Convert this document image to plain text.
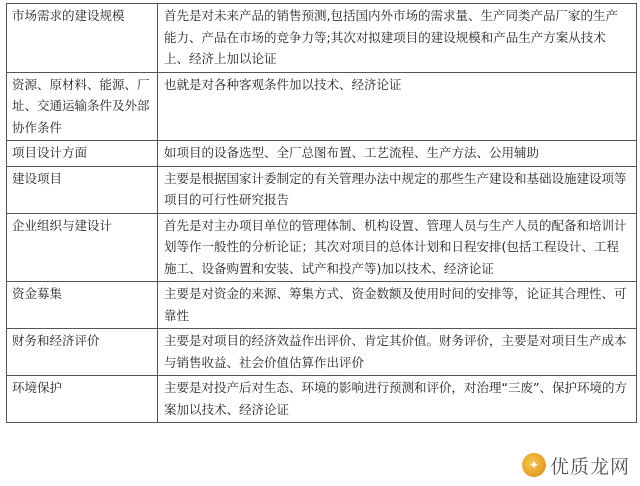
市场需求的建设规模	首先是对未来产品的销售预测,包括国内外市场的需求量、生产同类产品厂家的生产能力、产品在市场的竞争力等;其次对拟建项目的建设规模和产品生产方案从技术上、经济上加以论证
资源、原材料、能源、厂址、交通运输条件及外部协作条件	也就是对各种客观条件加以技术、经济论证
项目设计方面	如项目的设备选型、全厂总图布置、工艺流程、生产方法、公用辅助
建设项目	主要是根据国家计委制定的有关管理办法中规定的那些生产建设和基础设施建设项等项目的可行性研究报告
企业组织与建设计	首先是对主办项目单位的管理体制、机构设置、管理人员与生产人员的配备和培训计划等作一般性的分析论证；其次对项目的总体计划和日程安排(包括工程设计、工程施工、设备购置和安装、试产和投产等)加以技术、经济论证
资金募集	主要是对资金的来源、筹集方式、资金数额及使用时间的安排等，论证其合理性、可靠性
财务和经济评价	主要是对项目的经济效益作出评价、肯定其价值。财务评价，主要是对项目生产成本与销售收益、社会价值估算作出评价
环境保护	主要是对投产后对生态、环境的影响进行预测和评价，对治理“三废”、保护环境的方案加以技术、经济论证
✦ 优质龙网
